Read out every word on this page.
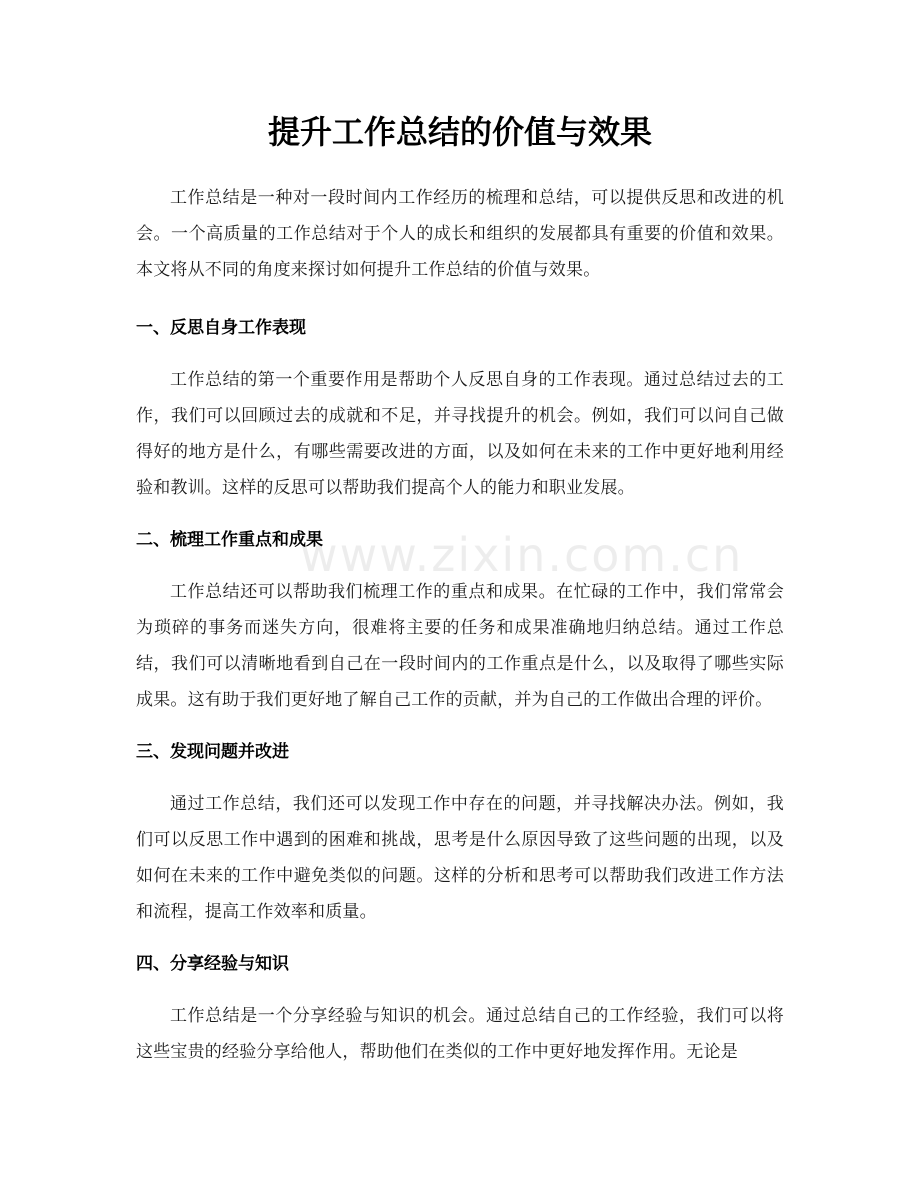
www.zixin.com.cn
提升工作总结的价值与效果

工作总结是一种对一段时间内工作经历的梳理和总结，可以提供反思和改进的机会。一个高质量的工作总结对于个人的成长和组织的发展都具有重要的价值和效果。本文将从不同的角度来探讨如何提升工作总结的价值与效果。

一、反思自身工作表现

工作总结的第一个重要作用是帮助个人反思自身的工作表现。通过总结过去的工作，我们可以回顾过去的成就和不足，并寻找提升的机会。例如，我们可以问自己做得好的地方是什么，有哪些需要改进的方面，以及如何在未来的工作中更好地利用经验和教训。这样的反思可以帮助我们提高个人的能力和职业发展。

二、梳理工作重点和成果

工作总结还可以帮助我们梳理工作的重点和成果。在忙碌的工作中，我们常常会为琐碎的事务而迷失方向，很难将主要的任务和成果准确地归纳总结。通过工作总结，我们可以清晰地看到自己在一段时间内的工作重点是什么，以及取得了哪些实际成果。这有助于我们更好地了解自己工作的贡献，并为自己的工作做出合理的评价。

三、发现问题并改进

通过工作总结，我们还可以发现工作中存在的问题，并寻找解决办法。例如，我们可以反思工作中遇到的困难和挑战，思考是什么原因导致了这些问题的出现，以及如何在未来的工作中避免类似的问题。这样的分析和思考可以帮助我们改进工作方法和流程，提高工作效率和质量。

四、分享经验与知识

工作总结是一个分享经验与知识的机会。通过总结自己的工作经验，我们可以将这些宝贵的经验分享给他人，帮助他们在类似的工作中更好地发挥作用。无论是
